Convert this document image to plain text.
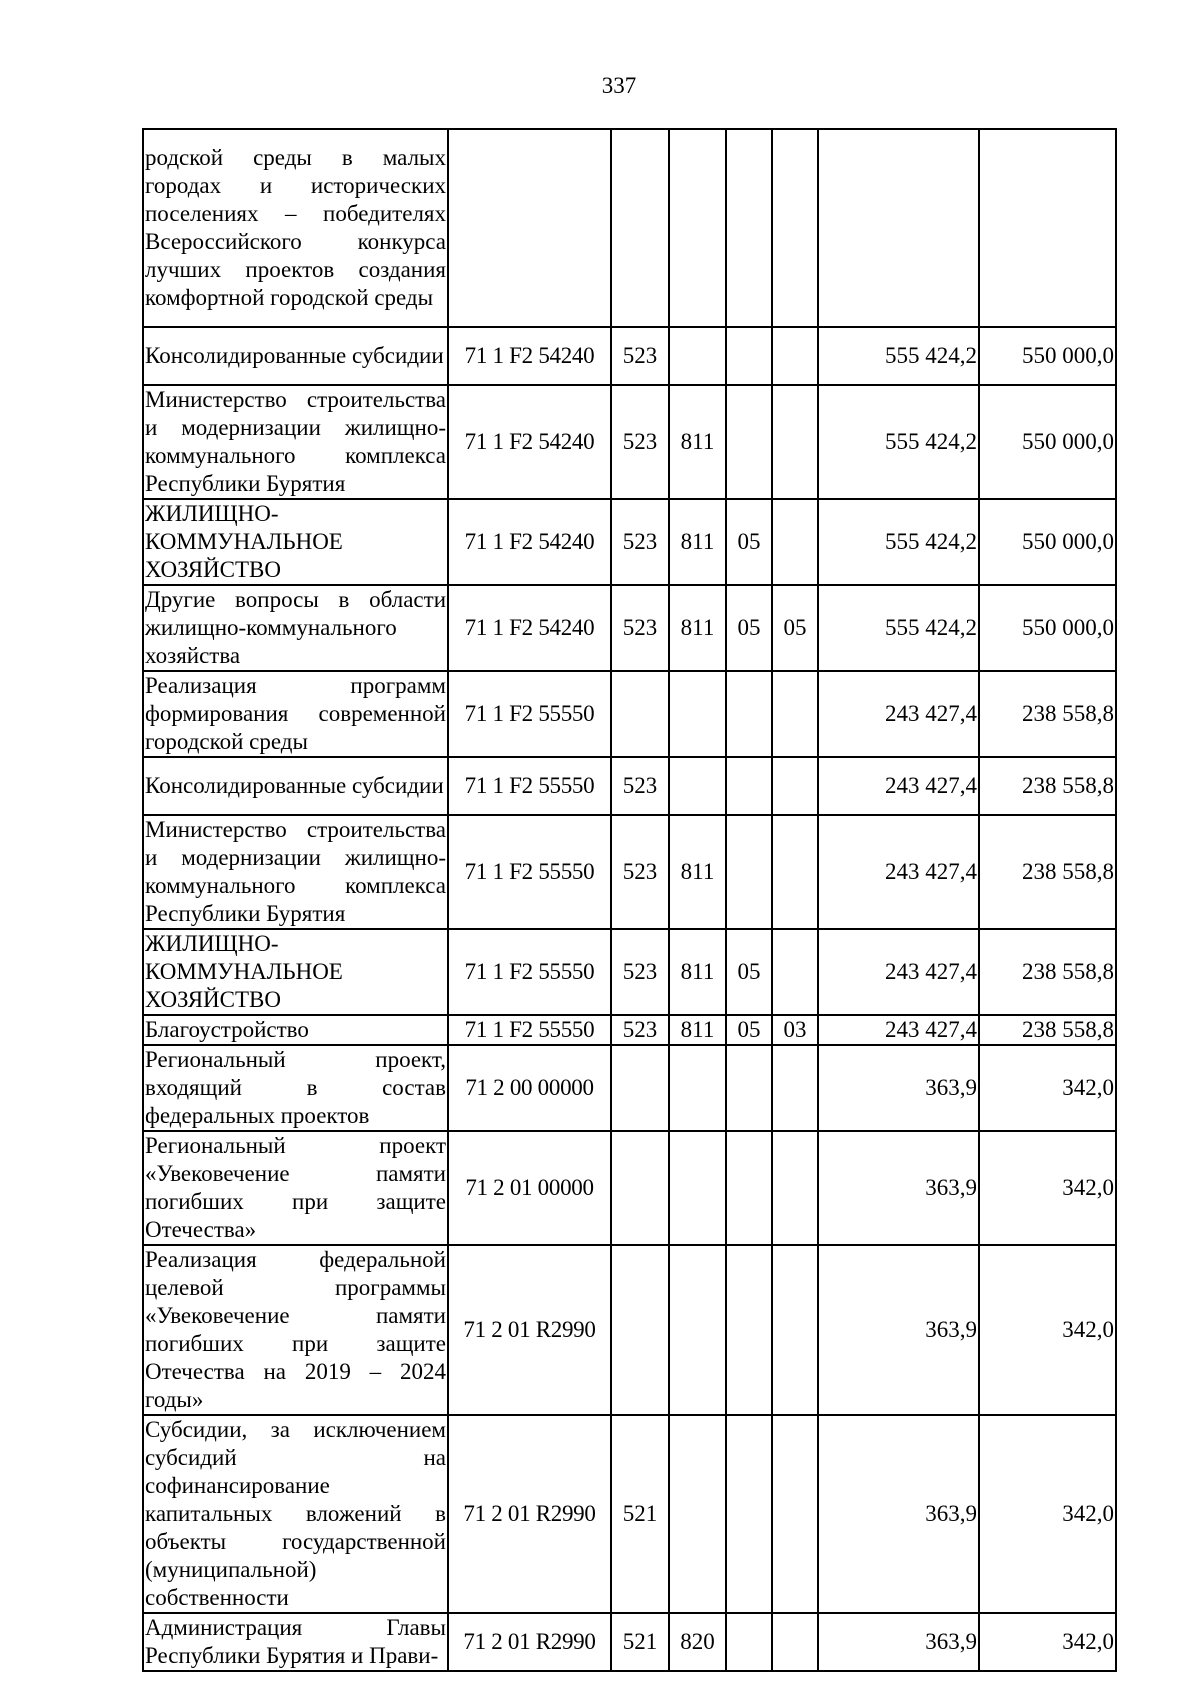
337
родской среды в малых городах и исторических поселениях – победителях Всероссийского конкурса лучших проектов создания комфортной городской среды							
Консолидированные субсидии	71 1 F2 54240	523				555 424,2	550 000,0
Министерство строительства и модернизации жилищно-коммунального комплекса Республики Бурятия	71 1 F2 54240	523	811			555 424,2	550 000,0
ЖИЛИЩНО-КОММУНАЛЬНОЕ ХОЗЯЙСТВО	71 1 F2 54240	523	811	05		555 424,2	550 000,0
Другие вопросы в области жилищно-коммунального хозяйства	71 1 F2 54240	523	811	05	05	555 424,2	550 000,0
Реализация программ формирования современной городской среды	71 1 F2 55550					243 427,4	238 558,8
Консолидированные субсидии	71 1 F2 55550	523				243 427,4	238 558,8
Министерство строительства и модернизации жилищно-коммунального комплекса Республики Бурятия	71 1 F2 55550	523	811			243 427,4	238 558,8
ЖИЛИЩНО-КОММУНАЛЬНОЕ ХОЗЯЙСТВО	71 1 F2 55550	523	811	05		243 427,4	238 558,8
Благоустройство	71 1 F2 55550	523	811	05	03	243 427,4	238 558,8
Региональный проект, входящий в состав федеральных проектов	71 2 00 00000					363,9	342,0
Региональный проект «Увековечение памяти погибших при защите Отечества»	71 2 01 00000					363,9	342,0
Реализация федеральной целевой программы «Увековечение памяти погибших при защите Отечества на 2019 – 2024 годы»	71 2 01 R2990					363,9	342,0
Субсидии, за исключением субсидий на софинансирование капитальных вложений в объекты государственной (муниципальной) собственности	71 2 01 R2990	521				363,9	342,0
Администрация Главы Республики Бурятия и Прави-	71 2 01 R2990	521	820			363,9	342,0
